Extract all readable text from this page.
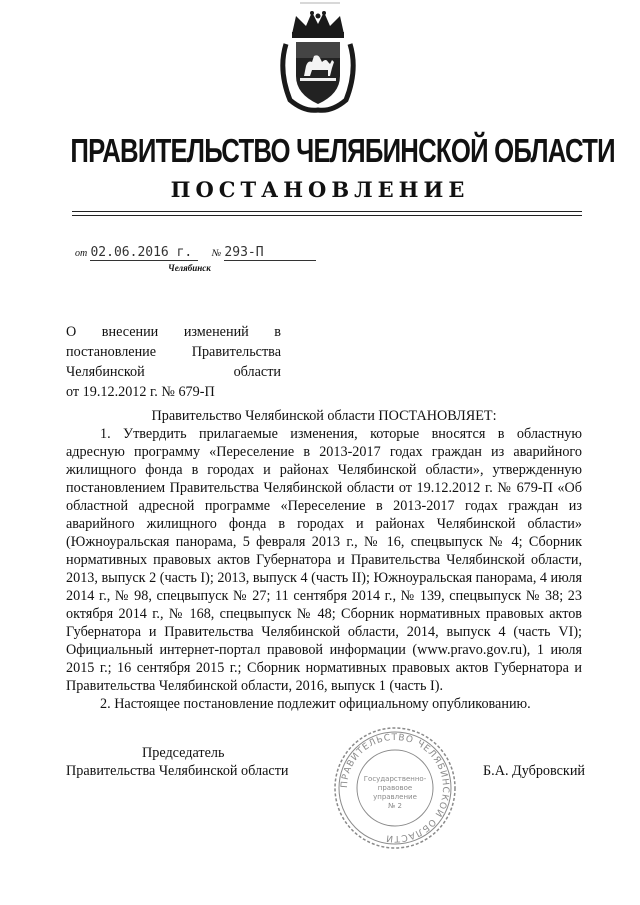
ПРАВИТЕЛЬСТВО ЧЕЛЯБИНСКОЙ ОБЛАСТИ
ПОСТАНОВЛЕНИЕ
от 02.06.2016 г. № 293-П
Челябинск
О внесении изменений в
постановление Правительства
Челябинской области
от 19.12.2012 г. № 679-П

Правительство Челябинской области ПОСТАНОВЛЯЕТ:

1. Утвердить прилагаемые изменения, которые вносятся в областную адресную программу «Переселение в 2013-2017 годах граждан из аварийного жилищного фонда в городах и районах Челябинской области», утвержденную постановлением Правительства Челябинской области от 19.12.2012 г. № 679-П «Об областной адресной программе «Переселение в 2013-2017 годах граждан из аварийного жилищного фонда в городах и районах Челябинской области» (Южноуральская панорама, 5 февраля 2013 г., № 16, спецвыпуск № 4; Сборник нормативных правовых актов Губернатора и Правительства Челябинской области, 2013, выпуск 2 (часть I); 2013, выпуск 4 (часть II); Южноуральская панорама, 4 июля 2014 г., № 98, спецвыпуск № 27; 11 сентября 2014 г., № 139, спецвыпуск № 38; 23 октября 2014 г., № 168, спецвыпуск № 48; Сборник нормативных правовых актов Губернатора и Правительства Челябинской области, 2014, выпуск 4 (часть VI); Официальный интернет-портал правовой информации (www.pravo.gov.ru), 1 июля 2015 г.; 16 сентября 2015 г.; Сборник нормативных правовых актов Губернатора и Правительства Челябинской области, 2016, выпуск 1 (часть I).

2. Настоящее постановление подлежит официальному опубликованию.

Председатель
Правительства Челябинской области	Б.А. Дубровский
ПРАВИТЕЛЬСТВО ЧЕЛЯБИНСКОЙ ОБЛАСТИ
Государственно-
правовое
управление
№ 2
